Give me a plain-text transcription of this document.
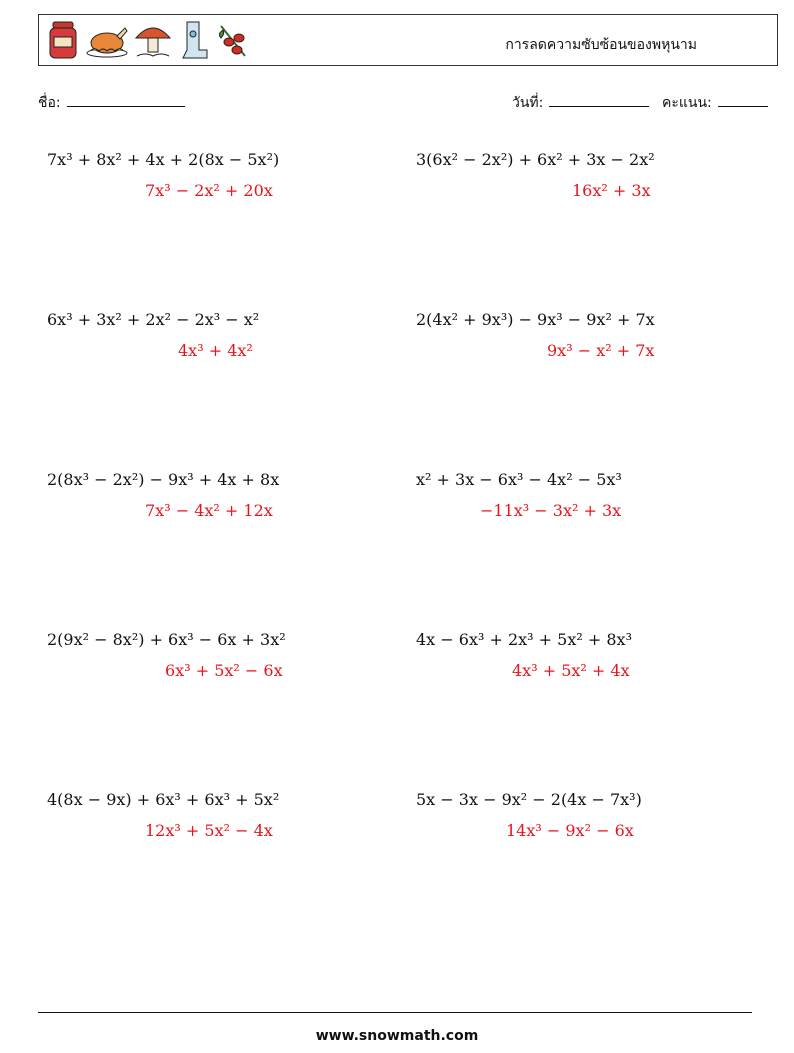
การลดความซับซ้อนของพหุนาม
ชื่อ:	วันที่:	คะแนน:
7x³ + 8x² + 4x + 2(8x − 5x²)
7x³ − 2x² + 20x
3(6x² − 2x²) + 6x² + 3x − 2x²
16x² + 3x
6x³ + 3x² + 2x² − 2x³ − x²
4x³ + 4x²
2(4x² + 9x³) − 9x³ − 9x² + 7x
9x³ − x² + 7x
2(8x³ − 2x²) − 9x³ + 4x + 8x
7x³ − 4x² + 12x
x² + 3x − 6x³ − 4x² − 5x³
−11x³ − 3x² + 3x
2(9x² − 8x²) + 6x³ − 6x + 3x²
6x³ + 5x² − 6x
4x − 6x³ + 2x³ + 5x² + 8x³
4x³ + 5x² + 4x
4(8x − 9x) + 6x³ + 6x³ + 5x²
12x³ + 5x² − 4x
5x − 3x − 9x² − 2(4x − 7x³)
14x³ − 9x² − 6x
www.snowmath.com
